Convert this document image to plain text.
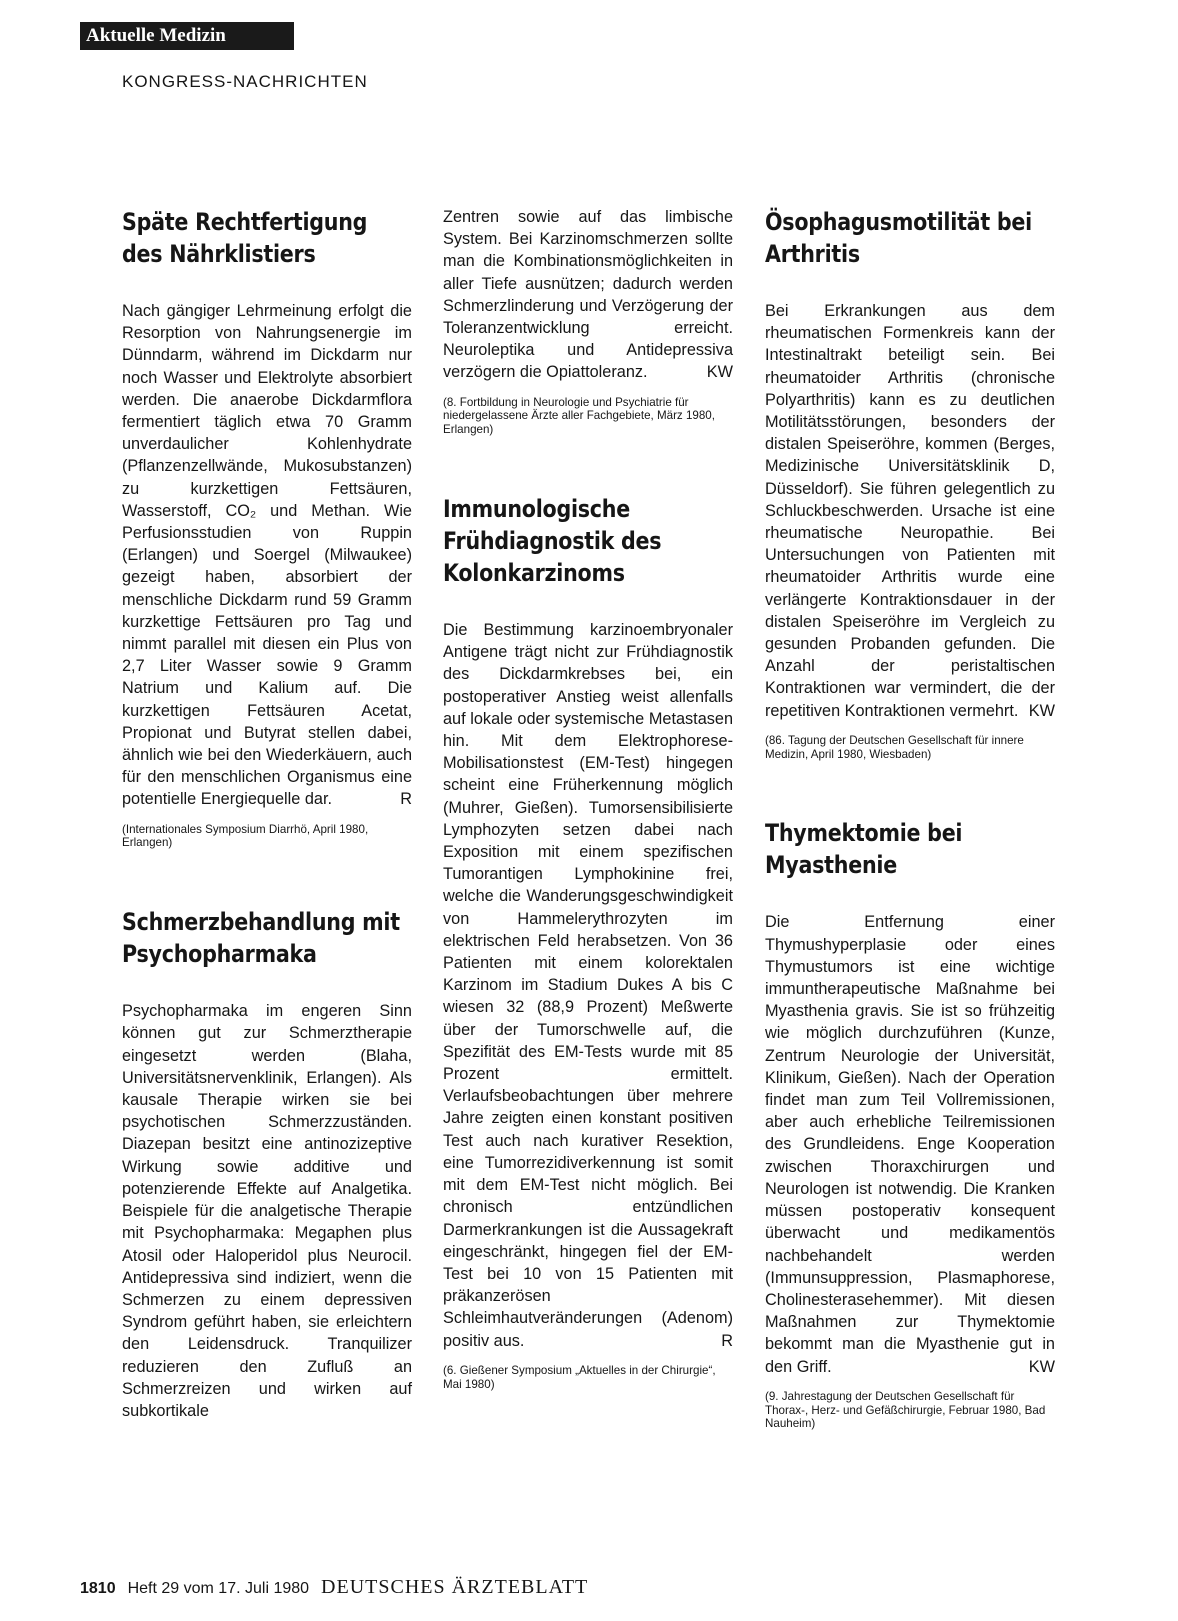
Aktuelle Medizin
KONGRESS-NACHRICHTEN
Späte Rechtfertigung des Nährklistiers

Nach gängiger Lehrmeinung erfolgt die Resorption von Nahrungsenergie im Dünndarm, während im Dickdarm nur noch Wasser und Elektrolyte absorbiert werden. Die anaerobe Dickdarmflora fermentiert täglich etwa 70 Gramm unverdaulicher Kohlenhydrate (Pflanzenzellwände, Mukosubstanzen) zu kurzkettigen Fettsäuren, Wasserstoff, CO₂ und Methan. Wie Perfusionsstudien von Ruppin (Erlangen) und Soergel (Milwaukee) gezeigt haben, absorbiert der menschliche Dickdarm rund 59 Gramm kurzkettige Fettsäuren pro Tag und nimmt parallel mit diesen ein Plus von 2,7 Liter Wasser sowie 9 Gramm Natrium und Kalium auf. Die kurzkettigen Fettsäuren Acetat, Propionat und Butyrat stellen dabei, ähnlich wie bei den Wiederkäuern, auch für den menschlichen Organismus eine potentielle Energiequelle dar.	R

(Internationales Symposium Diarrhö, April 1980, Erlangen)

Schmerzbehandlung mit Psychopharmaka

Psychopharmaka im engeren Sinn können gut zur Schmerztherapie eingesetzt werden (Blaha, Universitätsnervenklinik, Erlangen). Als kausale Therapie wirken sie bei psychotischen Schmerzzuständen. Diazepan besitzt eine antinozizeptive Wirkung sowie additive und potenzierende Effekte auf Analgetika. Beispiele für die analgetische Therapie mit Psychopharmaka: Megaphen plus Atosil oder Haloperidol plus Neurocil. Antidepressiva sind indiziert, wenn die Schmerzen zu einem depressiven Syndrom geführt haben, sie erleichtern den Leidensdruck. Tranquilizer reduzieren den Zufluß an Schmerzreizen und wirken auf subkortikale

Zentren sowie auf das limbische System. Bei Karzinomschmerzen sollte man die Kombinationsmöglichkeiten in aller Tiefe ausnützen; dadurch werden Schmerzlinderung und Verzögerung der Toleranzentwicklung erreicht. Neuroleptika und Antidepressiva verzögern die Opiattoleranz.	KW

(8. Fortbildung in Neurologie und Psychiatrie für niedergelassene Ärzte aller Fachgebiete, März 1980, Erlangen)

Immunologische Frühdiagnostik des Kolonkarzinoms

Die Bestimmung karzinoembryonaler Antigene trägt nicht zur Frühdiagnostik des Dickdarmkrebses bei, ein postoperativer Anstieg weist allenfalls auf lokale oder systemische Metastasen hin. Mit dem Elektrophorese-Mobilisationstest (EM-Test) hingegen scheint eine Früherkennung möglich (Muhrer, Gießen). Tumorsensibilisierte Lymphozyten setzen dabei nach Exposition mit einem spezifischen Tumorantigen Lymphokinine frei, welche die Wanderungsgeschwindigkeit von Hammelerythrozyten im elektrischen Feld herabsetzen. Von 36 Patienten mit einem kolorektalen Karzinom im Stadium Dukes A bis C wiesen 32 (88,9 Prozent) Meßwerte über der Tumorschwelle auf, die Spezifität des EM-Tests wurde mit 85 Prozent ermittelt. Verlaufsbeobachtungen über mehrere Jahre zeigten einen konstant positiven Test auch nach kurativer Resektion, eine Tumorrezidiverkennung ist somit mit dem EM-Test nicht möglich. Bei chronisch entzündlichen Darmerkrankungen ist die Aussagekraft eingeschränkt, hingegen fiel der EM-Test bei 10 von 15 Patienten mit präkanzerösen Schleimhautveränderungen (Adenom) positiv aus.	R

(6. Gießener Symposium „Aktuelles in der Chirurgie“, Mai 1980)

Ösophagusmotilität bei Arthritis

Bei Erkrankungen aus dem rheumatischen Formenkreis kann der Intestinaltrakt beteiligt sein. Bei rheumatoider Arthritis (chronische Polyarthritis) kann es zu deutlichen Motilitätsstörungen, besonders der distalen Speiseröhre, kommen (Berges, Medizinische Universitätsklinik D, Düsseldorf). Sie führen gelegentlich zu Schluckbeschwerden. Ursache ist eine rheumatische Neuropathie. Bei Untersuchungen von Patienten mit rheumatoider Arthritis wurde eine verlängerte Kontraktionsdauer in der distalen Speiseröhre im Vergleich zu gesunden Probanden gefunden. Die Anzahl der peristaltischen Kontraktionen war vermindert, die der repetitiven Kontraktionen vermehrt. KW

(86. Tagung der Deutschen Gesellschaft für innere Medizin, April 1980, Wiesbaden)

Thymektomie bei Myasthenie

Die Entfernung einer Thymushyperplasie oder eines Thymustumors ist eine wichtige immuntherapeutische Maßnahme bei Myasthenia gravis. Sie ist so frühzeitig wie möglich durchzuführen (Kunze, Zentrum Neurologie der Universität, Klinikum, Gießen). Nach der Operation findet man zum Teil Vollremissionen, aber auch erhebliche Teilremissionen des Grundleidens. Enge Kooperation zwischen Thoraxchirurgen und Neurologen ist notwendig. Die Kranken müssen postoperativ konsequent überwacht und medikamentös nachbehandelt werden (Immunsuppression, Plasmaphorese, Cholinesterasehemmer). Mit diesen Maßnahmen zur Thymektomie bekommt man die Myasthenie gut in den Griff.	KW

(9. Jahrestagung der Deutschen Gesellschaft für Thorax-, Herz- und Gefäßchirurgie, Februar 1980, Bad Nauheim)

1810 Heft 29 vom 17. Juli 1980 DEUTSCHES ÄRZTEBLATT
